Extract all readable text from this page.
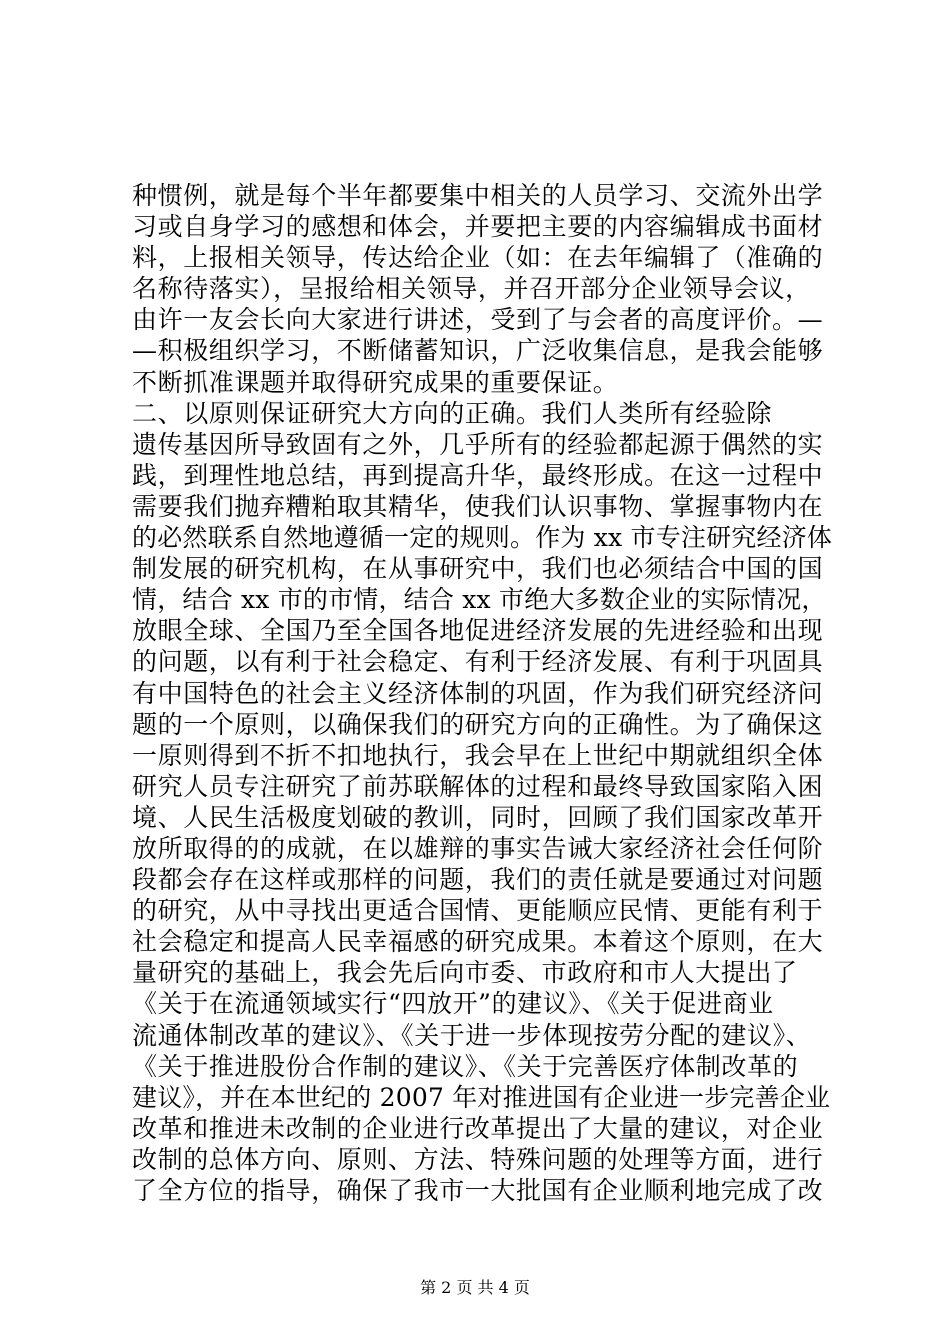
种惯例，就是每个半年都要集中相关的人员学习、交流外出学
习或自身学习的感想和体会，并要把主要的内容编辑成书面材
料，上报相关领导，传达给企业（如：在去年编辑了（准确的
名称待落实），呈报给相关领导，并召开部分企业领导会议，
由许一友会长向大家进行讲述，受到了与会者的高度评价。—
—积极组织学习，不断储蓄知识，广泛收集信息，是我会能够
不断抓准课题并取得研究成果的重要保证。
二、以原则保证研究大方向的正确。我们人类所有经验除
遗传基因所导致固有之外，几乎所有的经验都起源于偶然的实
践，到理性地总结，再到提高升华，最终形成。在这一过程中
需要我们抛弃糟粕取其精华，使我们认识事物、掌握事物内在
的必然联系自然地遵循一定的规则。作为 xx 市专注研究经济体
制发展的研究机构，在从事研究中，我们也必须结合中国的国
情，结合 xx 市的市情，结合 xx 市绝大多数企业的实际情况，
放眼全球、全国乃至全国各地促进经济发展的先进经验和出现
的问题，以有利于社会稳定、有利于经济发展、有利于巩固具
有中国特色的社会主义经济体制的巩固，作为我们研究经济问
题的一个原则，以确保我们的研究方向的正确性。为了确保这
一原则得到不折不扣地执行，我会早在上世纪中期就组织全体
研究人员专注研究了前苏联解体的过程和最终导致国家陷入困
境、人民生活极度划破的教训，同时，回顾了我们国家改革开
放所取得的的成就，在以雄辩的事实告诫大家经济社会任何阶
段都会存在这样或那样的问题，我们的责任就是要通过对问题
的研究，从中寻找出更适合国情、更能顺应民情、更能有利于
社会稳定和提高人民幸福感的研究成果。本着这个原则，在大
量研究的基础上，我会先后向市委、市政府和市人大提出了
《关于在流通领域实行“四放开”的建议》、《关于促进商业
流通体制改革的建议》、《关于进一步体现按劳分配的建议》、
《关于推进股份合作制的建议》、《关于完善医疗体制改革的
建议》，并在本世纪的 2007 年对推进国有企业进一步完善企业
改革和推进未改制的企业进行改革提出了大量的建议，对企业
改制的总体方向、原则、方法、特殊问题的处理等方面，进行
了全方位的指导，确保了我市一大批国有企业顺利地完成了改
第 2 页 共 4 页
